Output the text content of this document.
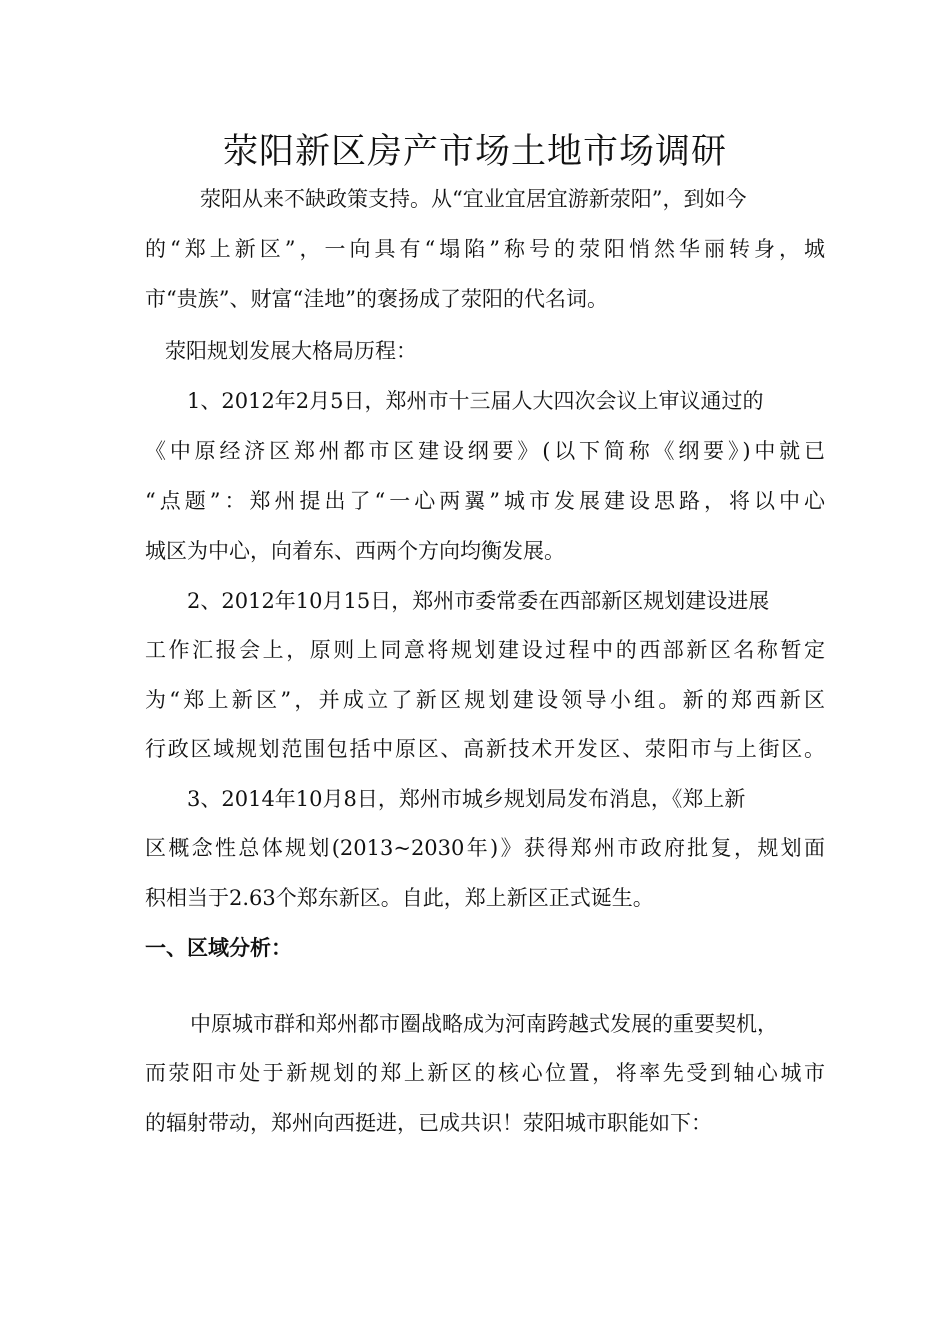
荥阳新区房产市场土地市场调研

荥阳从来不缺政策支持。从“宜业宜居宜游新荥阳”，到如今

的“郑上新区”，一向具有“塌陷”称号的荥阳悄然华丽转身，城

市“贵族”、财富“洼地”的褒扬成了荥阳的代名词。

荥阳规划发展大格局历程：

1、2012年2月5日，郑州市十三届人大四次会议上审议通过的

《中原经济区郑州都市区建设纲要》(以下简称《纲要》)中就已

“点题”：郑州提出了“一心两翼”城市发展建设思路，将以中心

城区为中心，向着东、西两个方向均衡发展。

2、2012年10月15日，郑州市委常委在西部新区规划建设进展

工作汇报会上，原则上同意将规划建设过程中的西部新区名称暂定

为“郑上新区”，并成立了新区规划建设领导小组。新的郑西新区

行政区域规划范围包括中原区、高新技术开发区、荥阳市与上街区。

3、2014年10月8日，郑州市城乡规划局发布消息，《郑上新

区概念性总体规划(2013~2030年)》获得郑州市政府批复，规划面

积相当于2.63个郑东新区。自此，郑上新区正式诞生。

一、区域分析：

中原城市群和郑州都市圈战略成为河南跨越式发展的重要契机，

而荥阳市处于新规划的郑上新区的核心位置，将率先受到轴心城市

的辐射带动，郑州向西挺进，已成共识！荥阳城市职能如下：
